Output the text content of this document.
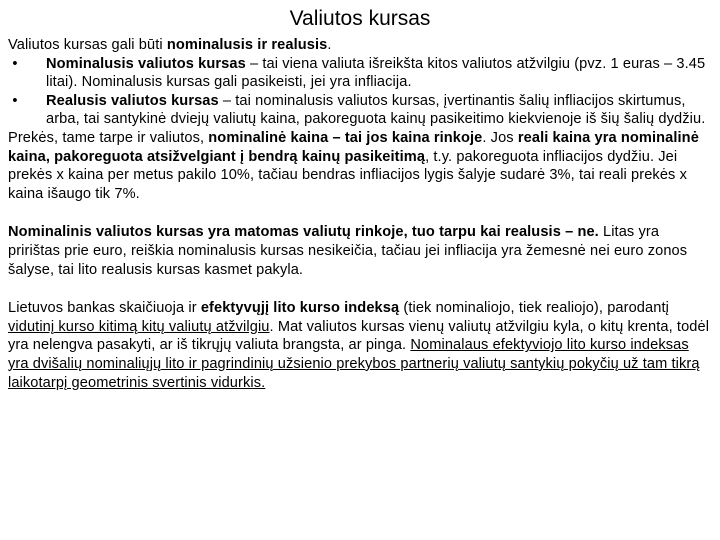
Valiutos kursas

Valiutos kursas gali būti nominalusis ir realusis.

•	Nominalusis valiutos kursas – tai viena valiuta išreikšta kitos valiutos atžvilgiu (pvz. 1 euras – 3.45 litai). Nominalusis kursas gali pasikeisti, jei yra infliacija.
•	Realusis valiutos kursas – tai nominalusis valiutos kursas, įvertinantis šalių infliacijos skirtumus, arba, tai santykinė dviejų valiutų kaina, pakoreguota kainų pasikeitimo kiekvienoje iš šių šalių dydžiu.

Prekės, tame tarpe ir valiutos, nominalinė kaina – tai jos kaina rinkoje. Jos reali kaina yra nominalinė kaina, pakoreguota atsižvelgiant į bendrą kainų pasikeitimą, t.y. pakoreguota infliacijos dydžiu. Jei prekės x kaina per metus pakilo 10%, tačiau bendras infliacijos lygis šalyje sudarė 3%, tai reali prekės x kaina išaugo tik 7%.

Nominalinis valiutos kursas yra matomas valiutų rinkoje, tuo tarpu kai realusis – ne. Litas yra pririštas prie euro, reiškia nominalusis kursas nesikeičia, tačiau jei infliacija yra žemesnė nei euro zonos šalyse, tai lito realusis kursas kasmet pakyla.

Lietuvos bankas skaičiuoja ir efektyvųjį lito kurso indeksą (tiek nominaliojo, tiek realiojo), parodantį vidutinį kurso kitimą kitų valiutų atžvilgiu. Mat valiutos kursas vienų valiutų atžvilgiu kyla, o kitų krenta, todėl yra nelengva pasakyti, ar iš tikrųjų valiuta brangsta, ar pinga. Nominalaus efektyviojo lito kurso indeksas yra dvišalių nominaliųjų lito ir pagrindinių užsienio prekybos partnerių valiutų santykių pokyčių už tam tikrą laikotarpį geometrinis svertinis vidurkis.
